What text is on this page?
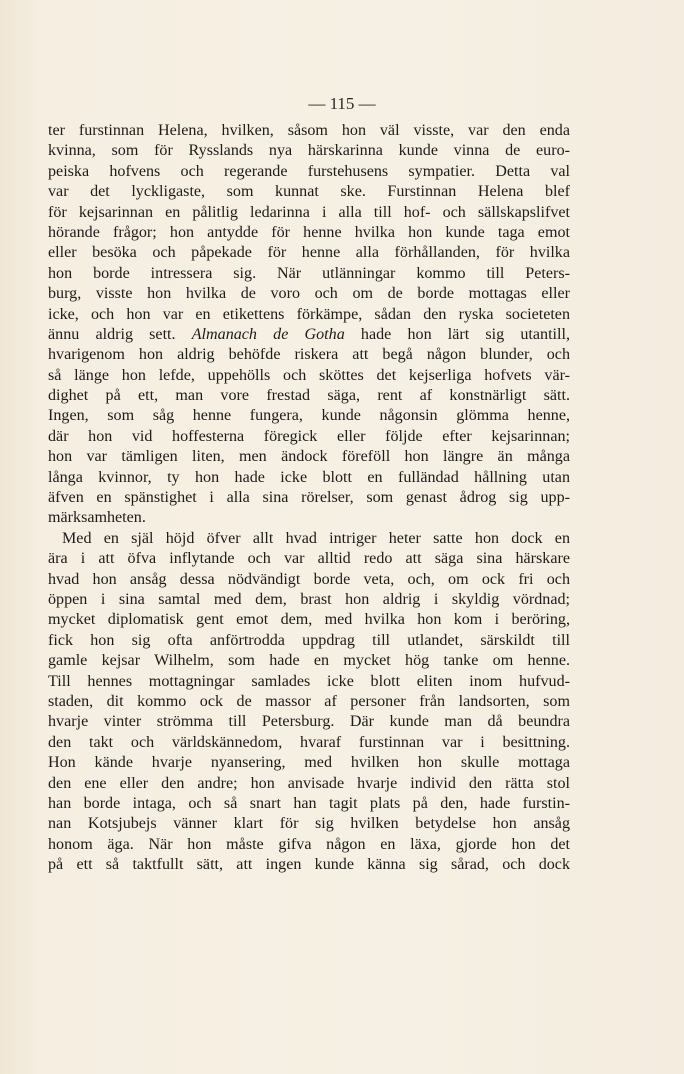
— 115 —
ter furstinnan Helena, hvilken, såsom hon väl visste, var den enda
kvinna, som för Rysslands nya härskarinna kunde vinna de euro-
peiska hofvens och regerande furstehusens sympatier. Detta val
var det lyckligaste, som kunnat ske. Furstinnan Helena blef
för kejsarinnan en pålitlig ledarinna i alla till hof- och sällskapslifvet
hörande frågor; hon antydde för henne hvilka hon kunde taga emot
eller besöka och påpekade för henne alla förhållanden, för hvilka
hon borde intressera sig. När utlänningar kommo till Peters-
burg, visste hon hvilka de voro och om de borde mottagas eller
icke, och hon var en etikettens förkämpe, sådan den ryska societeten
ännu aldrig sett. Almanach de Gotha hade hon lärt sig utantill,
hvarigenom hon aldrig behöfde riskera att begå någon blunder, och
så länge hon lefde, uppehölls och sköttes det kejserliga hofvets vär-
dighet på ett, man vore frestad säga, rent af konstnärligt sätt.
Ingen, som såg henne fungera, kunde någonsin glömma henne,
där hon vid hoffesterna föregick eller följde efter kejsarinnan;
hon var tämligen liten, men ändock föreföll hon längre än många
långa kvinnor, ty hon hade icke blott en fulländad hållning utan
äfven en spänstighet i alla sina rörelser, som genast ådrog sig upp-
märksamheten.
Med en själ höjd öfver allt hvad intriger heter satte hon dock en
ära i att öfva inflytande och var alltid redo att säga sina härskare
hvad hon ansåg dessa nödvändigt borde veta, och, om ock fri och
öppen i sina samtal med dem, brast hon aldrig i skyldig vördnad;
mycket diplomatisk gent emot dem, med hvilka hon kom i beröring,
fick hon sig ofta anförtrodda uppdrag till utlandet, särskildt till
gamle kejsar Wilhelm, som hade en mycket hög tanke om henne.
Till hennes mottagningar samlades icke blott eliten inom hufvud-
staden, dit kommo ock de massor af personer från landsorten, som
hvarje vinter strömma till Petersburg. Där kunde man då beundra
den takt och världskännedom, hvaraf furstinnan var i besittning.
Hon kände hvarje nyansering, med hvilken hon skulle mottaga
den ene eller den andre; hon anvisade hvarje individ den rätta stol
han borde intaga, och så snart han tagit plats på den, hade furstin-
nan Kotsjubejs vänner klart för sig hvilken betydelse hon ansåg
honom äga. När hon måste gifva någon en läxa, gjorde hon det
på ett så taktfullt sätt, att ingen kunde känna sig sårad, och dock
